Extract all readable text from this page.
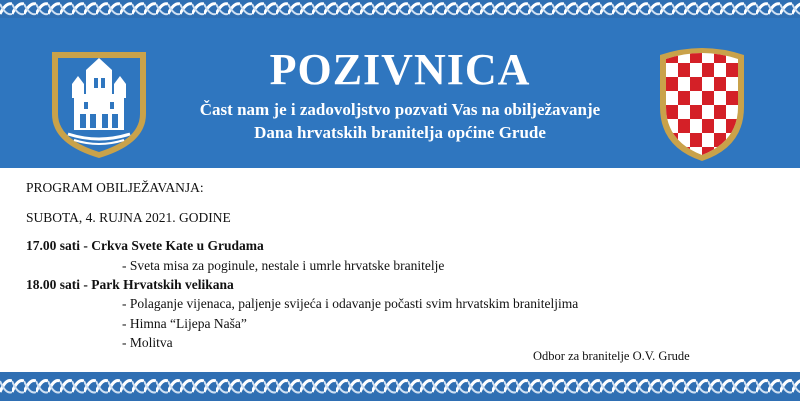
POZIVNICA
Čast nam je i zadovoljstvo pozvati Vas na obilježavanje
Dana hrvatskih branitelja općine Grude
PROGRAM OBILJEŽAVANJA:
SUBOTA, 4. RUJNA 2021. GODINE
17.00 sati - Crkva Svete Kate u Grudama
- Sveta misa za poginule, nestale i umrle hrvatske branitelje
18.00 sati - Park Hrvatskih velikana
- Polaganje vijenaca, paljenje svijeća i odavanje počasti svim hrvatskim braniteljima
- Himna “Lijepa Naša”
- Molitva
Odbor za branitelje O.V. Grude
